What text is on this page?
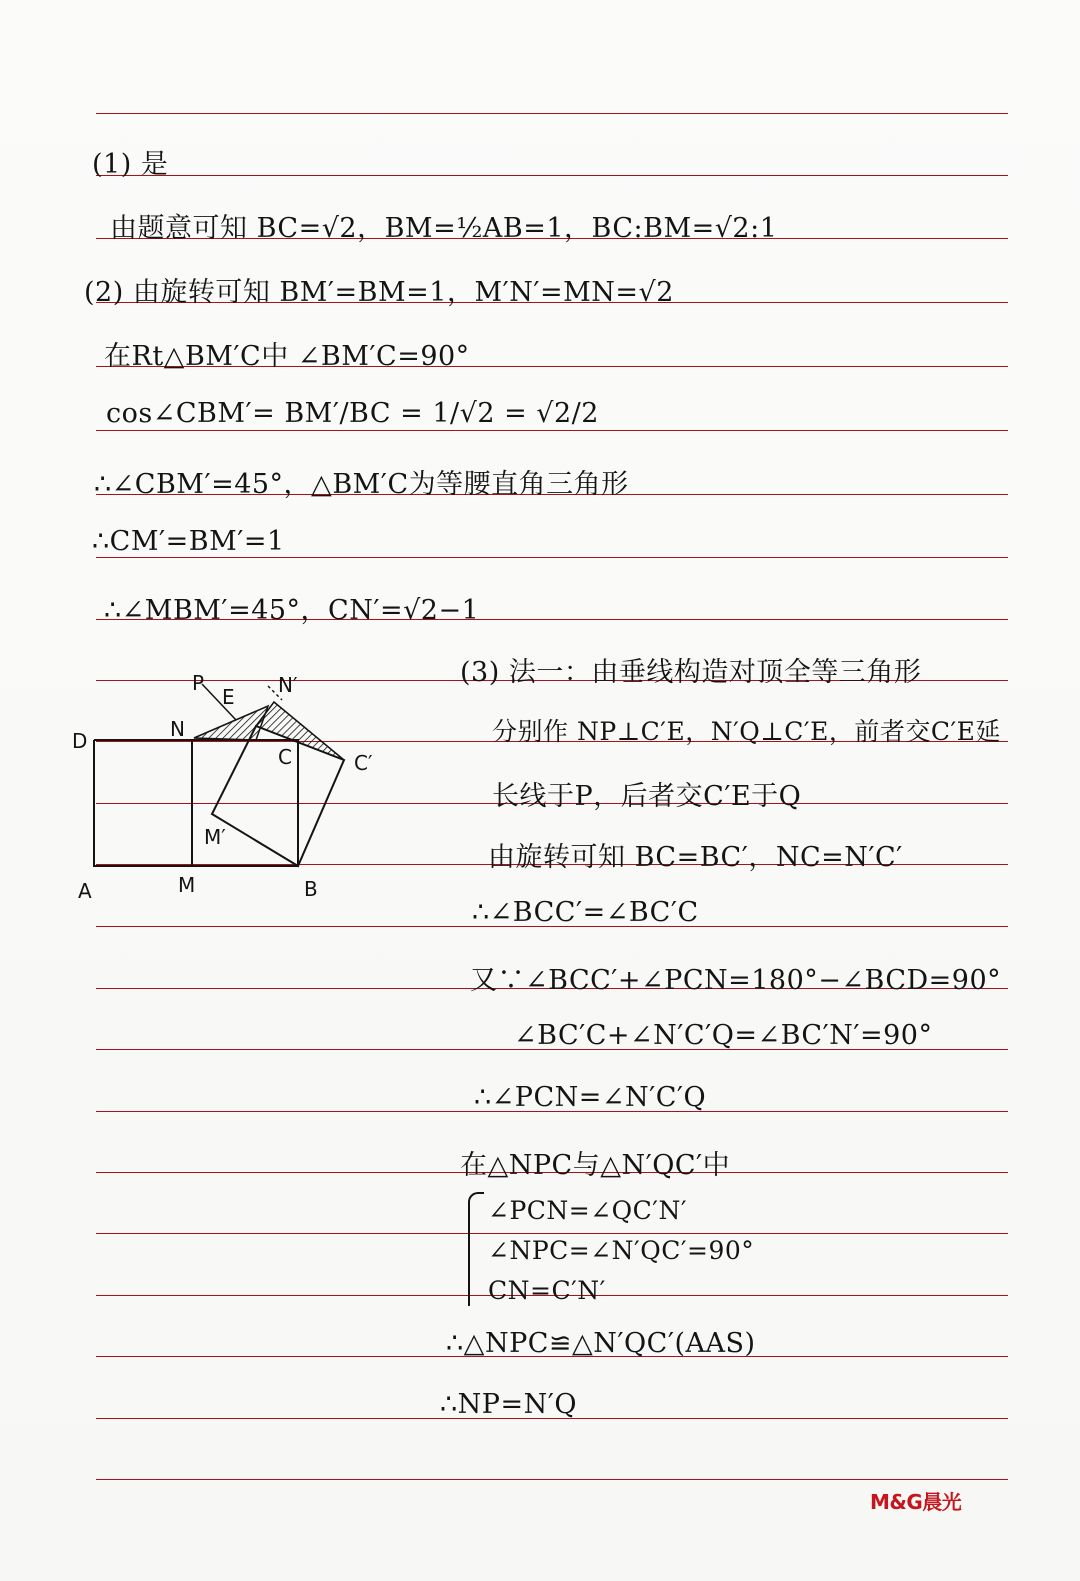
(1) 是
由题意可知 BC=√2，BM=½AB=1，BC:BM=√2:1
(2) 由旋转可知 BM′=BM=1，M′N′=MN=√2
在Rt△BM′C中 ∠BM′C=90°
cos∠CBM′= BM′/BC = 1/√2 = √2/2
∴∠CBM′=45°，△BM′C为等腰直角三角形
∴CM′=BM′=1
∴∠MBM′=45°，CN′=√2−1
(3) 法一：由垂线构造对顶全等三角形
分别作 NP⊥C′E，N′Q⊥C′E，前者交C′E延
长线于P，后者交C′E于Q
由旋转可知 BC=BC′，NC=N′C′
∴∠BCC′=∠BC′C
又∵∠BCC′+∠PCN=180°−∠BCD=90°
∠BC′C+∠N′C′Q=∠BC′N′=90°
∴∠PCN=∠N′C′Q
在△NPC与△N′QC′中
∠PCN=∠QC′N′
∠NPC=∠N′QC′=90°
CN=C′N′
∴△NPC≌△N′QC′(AAS)
∴NP=N′Q
P
E N′
N
D
C	C′
M′
A	M	B
M&G晨光
